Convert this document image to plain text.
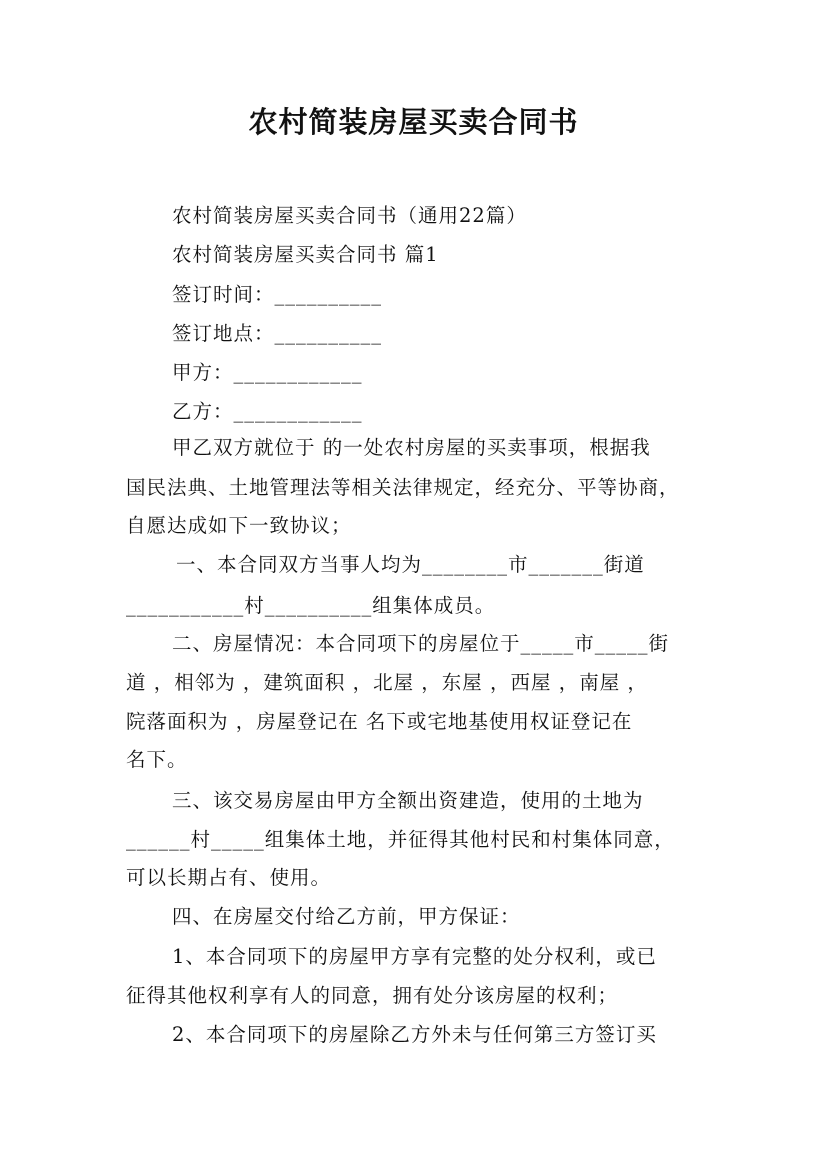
农村简装房屋买卖合同书
农村简装房屋买卖合同书（通用22篇）
农村简装房屋买卖合同书 篇1
签订时间：__________
签订地点：__________
甲方：____________
乙方：____________
甲乙双方就位于 的一处农村房屋的买卖事项，根据我
国民法典、土地管理法等相关法律规定，经充分、平等协商，
自愿达成如下一致协议；
一、本合同双方当事人均为________市_______街道
___________村__________组集体成员。
二、房屋情况：本合同项下的房屋位于_____市_____街
道 ，相邻为 ，建筑面积 ，北屋 ，东屋 ，西屋 ，南屋 ，
院落面积为 ，房屋登记在 名下或宅地基使用权证登记在
名下。
三、该交易房屋由甲方全额出资建造，使用的土地为
______村_____组集体土地，并征得其他村民和村集体同意，
可以长期占有、使用。
四、在房屋交付给乙方前，甲方保证：
1、本合同项下的房屋甲方享有完整的处分权利，或已
征得其他权利享有人的同意，拥有处分该房屋的权利；
2、本合同项下的房屋除乙方外未与任何第三方签订买
